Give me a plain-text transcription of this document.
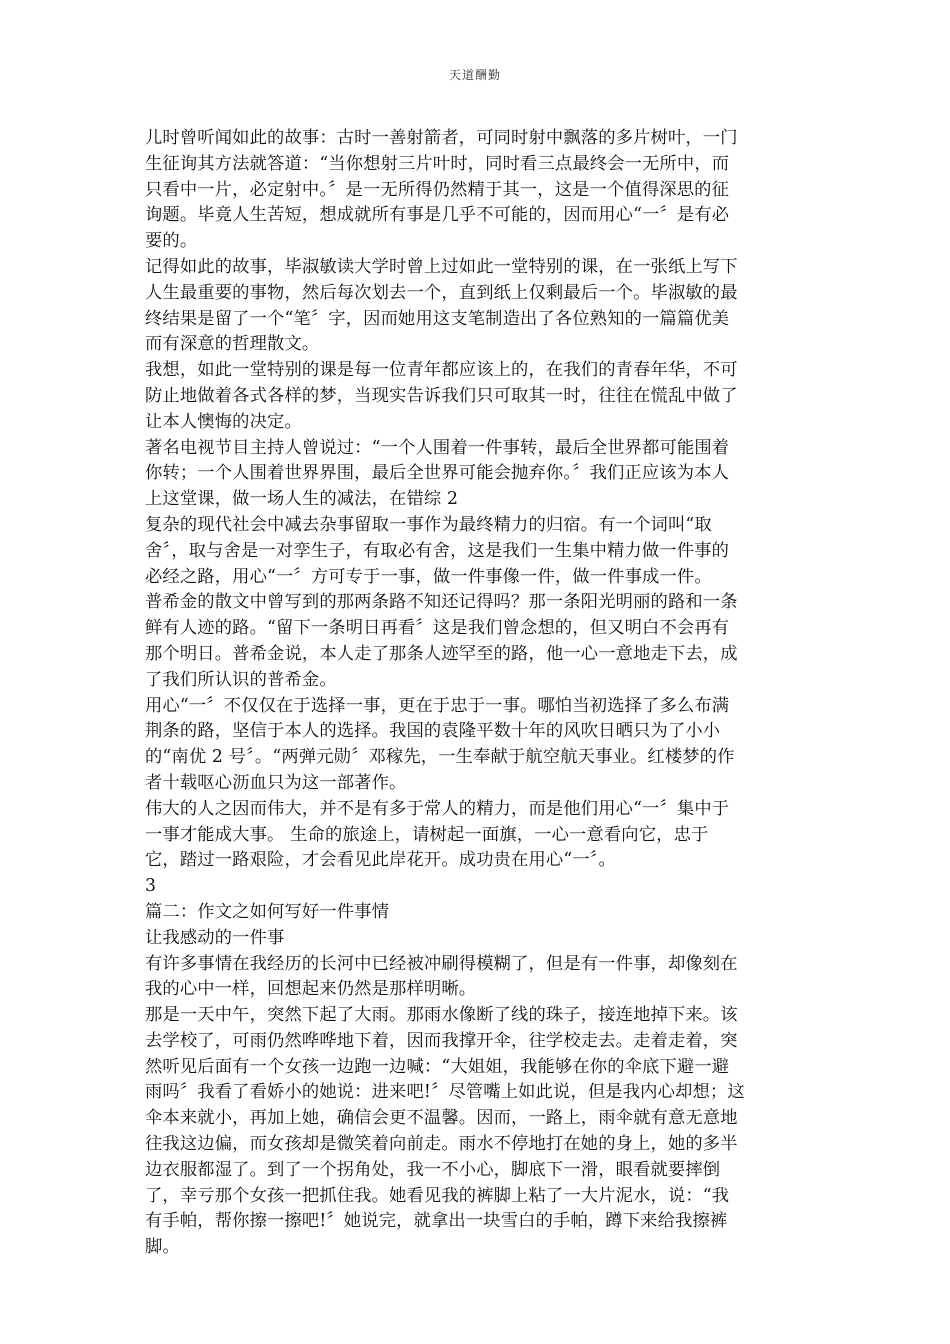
天道酬勤

儿时曾听闻如此的故事：古时一善射箭者，可同时射中飘落的多片树叶，一门

生征询其方法就答道：“当你想射三片叶时，同时看三点最终会一无所中，而

只看中一片，必定射中。〞是一无所得仍然精于其一，这是一个值得深思的征

询题。毕竟人生苦短，想成就所有事是几乎不可能的，因而用心“一〞是有必

要的。

记得如此的故事，毕淑敏读大学时曾上过如此一堂特别的课，在一张纸上写下

人生最重要的事物，然后每次划去一个，直到纸上仅剩最后一个。毕淑敏的最

终结果是留了一个“笔〞字，因而她用这支笔制造出了各位熟知的一篇篇优美

而有深意的哲理散文。

我想，如此一堂特别的课是每一位青年都应该上的，在我们的青春年华，不可

防止地做着各式各样的梦，当现实告诉我们只可取其一时，往往在慌乱中做了

让本人懊悔的决定。

著名电视节目主持人曾说过：“一个人围着一件事转，最后全世界都可能围着

你转；一个人围着世界界围，最后全世界可能会抛弃你。〞我们正应该为本人

上这堂课，做一场人生的减法，在错综 2

复杂的现代社会中减去杂事留取一事作为最终精力的归宿。有一个词叫“取

舍〞，取与舍是一对孪生子，有取必有舍，这是我们一生集中精力做一件事的

必经之路，用心“一〞方可专于一事，做一件事像一件，做一件事成一件。

普希金的散文中曾写到的那两条路不知还记得吗？那一条阳光明丽的路和一条

鲜有人迹的路。“留下一条明日再看〞这是我们曾念想的，但又明白不会再有

那个明日。普希金说，本人走了那条人迹罕至的路，他一心一意地走下去，成

了我们所认识的普希金。

用心“一〞不仅仅在于选择一事，更在于忠于一事。哪怕当初选择了多么布满

荆条的路，坚信于本人的选择。我国的袁隆平数十年的风吹日晒只为了小小

的“南优 2 号〞。“两弹元勋〞邓稼先，一生奉献于航空航天事业。红楼梦的作

者十载呕心沥血只为这一部著作。

伟大的人之因而伟大，并不是有多于常人的精力，而是他们用心“一〞集中于

一事才能成大事。 生命的旅途上，请树起一面旗，一心一意看向它，忠于

它，踏过一路艰险，才会看见此岸花开。成功贵在用心“一〞。

3

篇二：作文之如何写好一件事情

让我感动的一件事

有许多事情在我经历的长河中已经被冲刷得模糊了，但是有一件事，却像刻在

我的心中一样，回想起来仍然是那样明晰。

那是一天中午，突然下起了大雨。那雨水像断了线的珠子，接连地掉下来。该

去学校了，可雨仍然哗哗地下着，因而我撑开伞，往学校走去。走着走着，突

然听见后面有一个女孩一边跑一边喊：“大姐姐，我能够在你的伞底下避一避

雨吗〞我看了看娇小的她说：进来吧!〞尽管嘴上如此说，但是我内心却想；这

伞本来就小，再加上她，确信会更不温馨。因而，一路上，雨伞就有意无意地

往我这边偏，而女孩却是微笑着向前走。雨水不停地打在她的身上，她的多半

边衣服都湿了。到了一个拐角处，我一不小心，脚底下一滑，眼看就要摔倒

了，幸亏那个女孩一把抓住我。她看见我的裤脚上粘了一大片泥水，说：“我

有手帕，帮你擦一擦吧!〞她说完，就拿出一块雪白的手帕，蹲下来给我擦裤

脚。
